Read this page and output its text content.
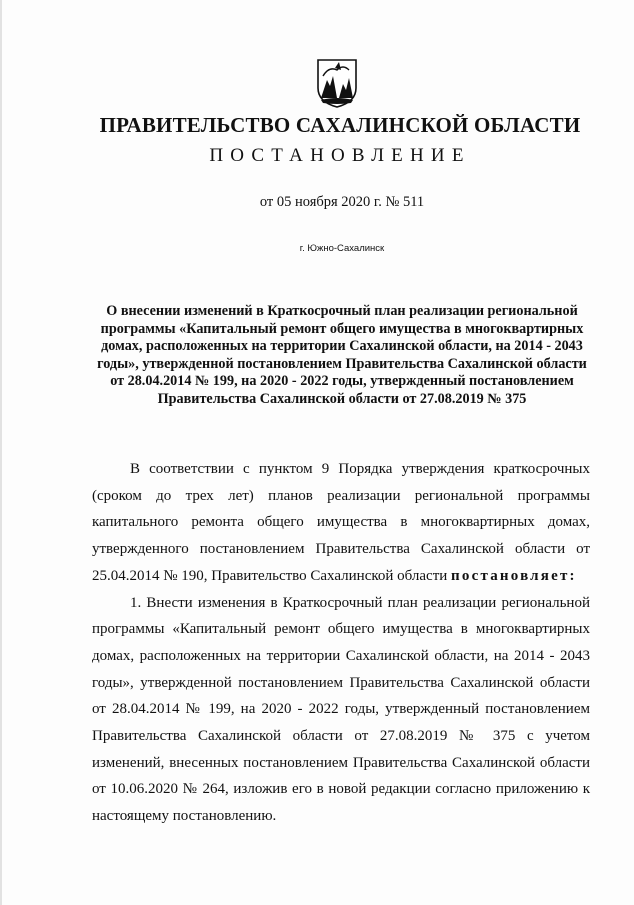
ПРАВИТЕЛЬСТВО САХАЛИНСКОЙ ОБЛАСТИ
ПОСТАНОВЛЕНИЕ
от 05 ноября 2020 г. № 511
г. Южно-Сахалинск
О внесении изменений в Краткосрочный план реализации региональной программы «Капитальный ремонт общего имущества в многоквартирных домах, расположенных на территории Сахалинской области, на 2014 - 2043 годы», утвержденной постановлением Правительства Сахалинской области от 28.04.2014 № 199, на 2020 - 2022 годы, утвержденный постановлением Правительства Сахалинской области от 27.08.2019 № 375

В соответствии с пунктом 9 Порядка утверждения краткосрочных (сроком до трех лет) планов реализации региональной программы капитального ремонта общего имущества в многоквартирных домах, утвержденного постановлением Правительства Сахалинской области от 25.04.2014 № 190, Правительство Сахалинской области постановляет:

1. Внести изменения в Краткосрочный план реализации региональной программы «Капитальный ремонт общего имущества в многоквартирных домах, расположенных на территории Сахалинской области, на 2014 - 2043 годы», утвержденной постановлением Правительства Сахалинской области от 28.04.2014 № 199, на 2020 - 2022 годы, утвержденный постановлением Правительства Сахалинской области от 27.08.2019 № 375 с учетом изменений, внесенных постановлением Правительства Сахалинской области от 10.06.2020 № 264, изложив его в новой редакции согласно приложению к настоящему постановлению.
